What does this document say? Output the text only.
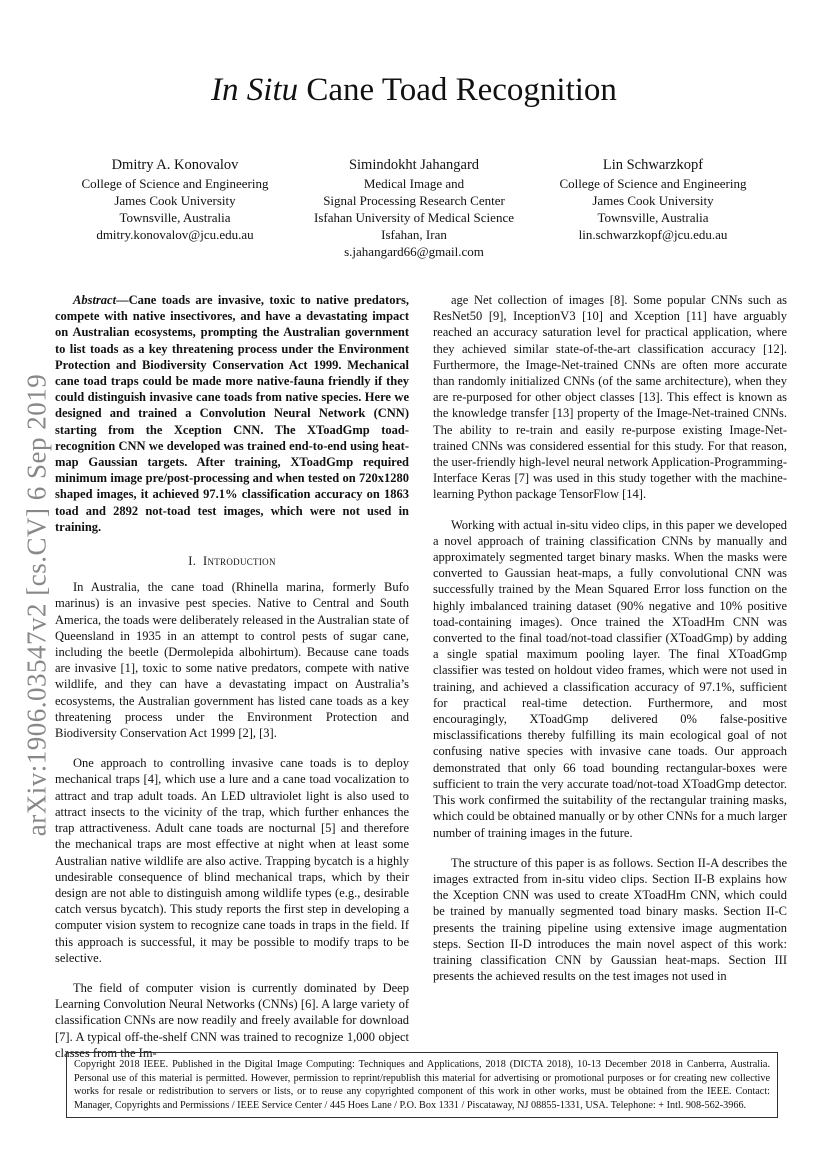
In Situ Cane Toad Recognition
Dmitry A. Konovalov
College of Science and Engineering
James Cook University
Townsville, Australia
dmitry.konovalov@jcu.edu.au
Simindokht Jahangard
Medical Image and
Signal Processing Research Center
Isfahan University of Medical Science
Isfahan, Iran
s.jahangard66@gmail.com
Lin Schwarzkopf
College of Science and Engineering
James Cook University
Townsville, Australia
lin.schwarzkopf@jcu.edu.au
arXiv:1906.03547v2 [cs.CV] 6 Sep 2019

Abstract—Cane toads are invasive, toxic to native predators, compete with native insectivores, and have a devastating impact on Australian ecosystems, prompting the Australian government to list toads as a key threatening process under the Environment Protection and Biodiversity Conservation Act 1999. Mechanical cane toad traps could be made more native-fauna friendly if they could distinguish invasive cane toads from native species. Here we designed and trained a Convolution Neural Network (CNN) starting from the Xception CNN. The XToadGmp toad-recognition CNN we developed was trained end-to-end using heat-map Gaussian targets. After training, XToadGmp required minimum image pre/post-processing and when tested on 720x1280 shaped images, it achieved 97.1% classification accuracy on 1863 toad and 2892 not-toad test images, which were not used in training.

I. Introduction

In Australia, the cane toad (Rhinella marina, formerly Bufo marinus) is an invasive pest species. Native to Central and South America, the toads were deliberately released in the Australian state of Queensland in 1935 in an attempt to control pests of sugar cane, including the beetle (Dermolepida albohirtum). Because cane toads are invasive [1], toxic to some native predators, compete with native wildlife, and they can have a devastating impact on Australia’s ecosystems, the Australian government has listed cane toads as a key threatening process under the Environment Protection and Biodiversity Conservation Act 1999 [2], [3].

One approach to controlling invasive cane toads is to deploy mechanical traps [4], which use a lure and a cane toad vocalization to attract and trap adult toads. An LED ultraviolet light is also used to attract insects to the vicinity of the trap, which further enhances the trap attractiveness. Adult cane toads are nocturnal [5] and therefore the mechanical traps are most effective at night when at least some Australian native wildlife are also active. Trapping bycatch is a highly undesirable consequence of blind mechanical traps, which by their design are not able to distinguish among wildlife types (e.g., desirable catch versus bycatch). This study reports the first step in developing a computer vision system to recognize cane toads in traps in the field. If this approach is successful, it may be possible to modify traps to be selective.

The field of computer vision is currently dominated by Deep Learning Convolution Neural Networks (CNNs) [6]. A large variety of classification CNNs are now readily and freely available for download [7]. A typical off-the-shelf CNN was trained to recognize 1,000 object classes from the Im-

age Net collection of images [8]. Some popular CNNs such as ResNet50 [9], InceptionV3 [10] and Xception [11] have arguably reached an accuracy saturation level for practical application, where they achieved similar state-of-the-art classification accuracy [12]. Furthermore, the Image-Net-trained CNNs are often more accurate than randomly initialized CNNs (of the same architecture), when they are re-purposed for other object classes [13]. This effect is known as the knowledge transfer [13] property of the Image-Net-trained CNNs. The ability to re-train and easily re-purpose existing Image-Net-trained CNNs was considered essential for this study. For that reason, the user-friendly high-level neural network Application-Programming-Interface Keras [7] was used in this study together with the machine-learning Python package TensorFlow [14].

Working with actual in-situ video clips, in this paper we developed a novel approach of training classification CNNs by manually and approximately segmented target binary masks. When the masks were converted to Gaussian heat-maps, a fully convolutional CNN was successfully trained by the Mean Squared Error loss function on the highly imbalanced training dataset (90% negative and 10% positive toad-containing images). Once trained the XToadHm CNN was converted to the final toad/not-toad classifier (XToadGmp) by adding a single spatial maximum pooling layer. The final XToadGmp classifier was tested on holdout video frames, which were not used in training, and achieved a classification accuracy of 97.1%, sufficient for practical real-time detection. Furthermore, and most encouragingly, XToadGmp delivered 0% false-positive misclassifications thereby fulfilling its main ecological goal of not confusing native species with invasive cane toads. Our approach demonstrated that only 66 toad bounding rectangular-boxes were sufficient to train the very accurate toad/not-toad XToadGmp detector. This work confirmed the suitability of the rectangular training masks, which could be obtained manually or by other CNNs for a much larger number of training images in the future.

The structure of this paper is as follows. Section II-A describes the images extracted from in-situ video clips. Section II-B explains how the Xception CNN was used to create XToadHm CNN, which could be trained by manually segmented toad binary masks. Section II-C presents the training pipeline using extensive image augmentation steps. Section II-D introduces the main novel aspect of this work: training classification CNN by Gaussian heat-maps. Section III presents the achieved results on the test images not used in

Copyright 2018 IEEE. Published in the Digital Image Computing: Techniques and Applications, 2018 (DICTA 2018), 10-13 December 2018 in Canberra, Australia. Personal use of this material is permitted. However, permission to reprint/republish this material for advertising or promotional purposes or for creating new collective works for resale or redistribution to servers or lists, or to reuse any copyrighted component of this work in other works, must be obtained from the IEEE. Contact: Manager, Copyrights and Permissions / IEEE Service Center / 445 Hoes Lane / P.O. Box 1331 / Piscataway, NJ 08855-1331, USA. Telephone: + Intl. 908-562-3966.
